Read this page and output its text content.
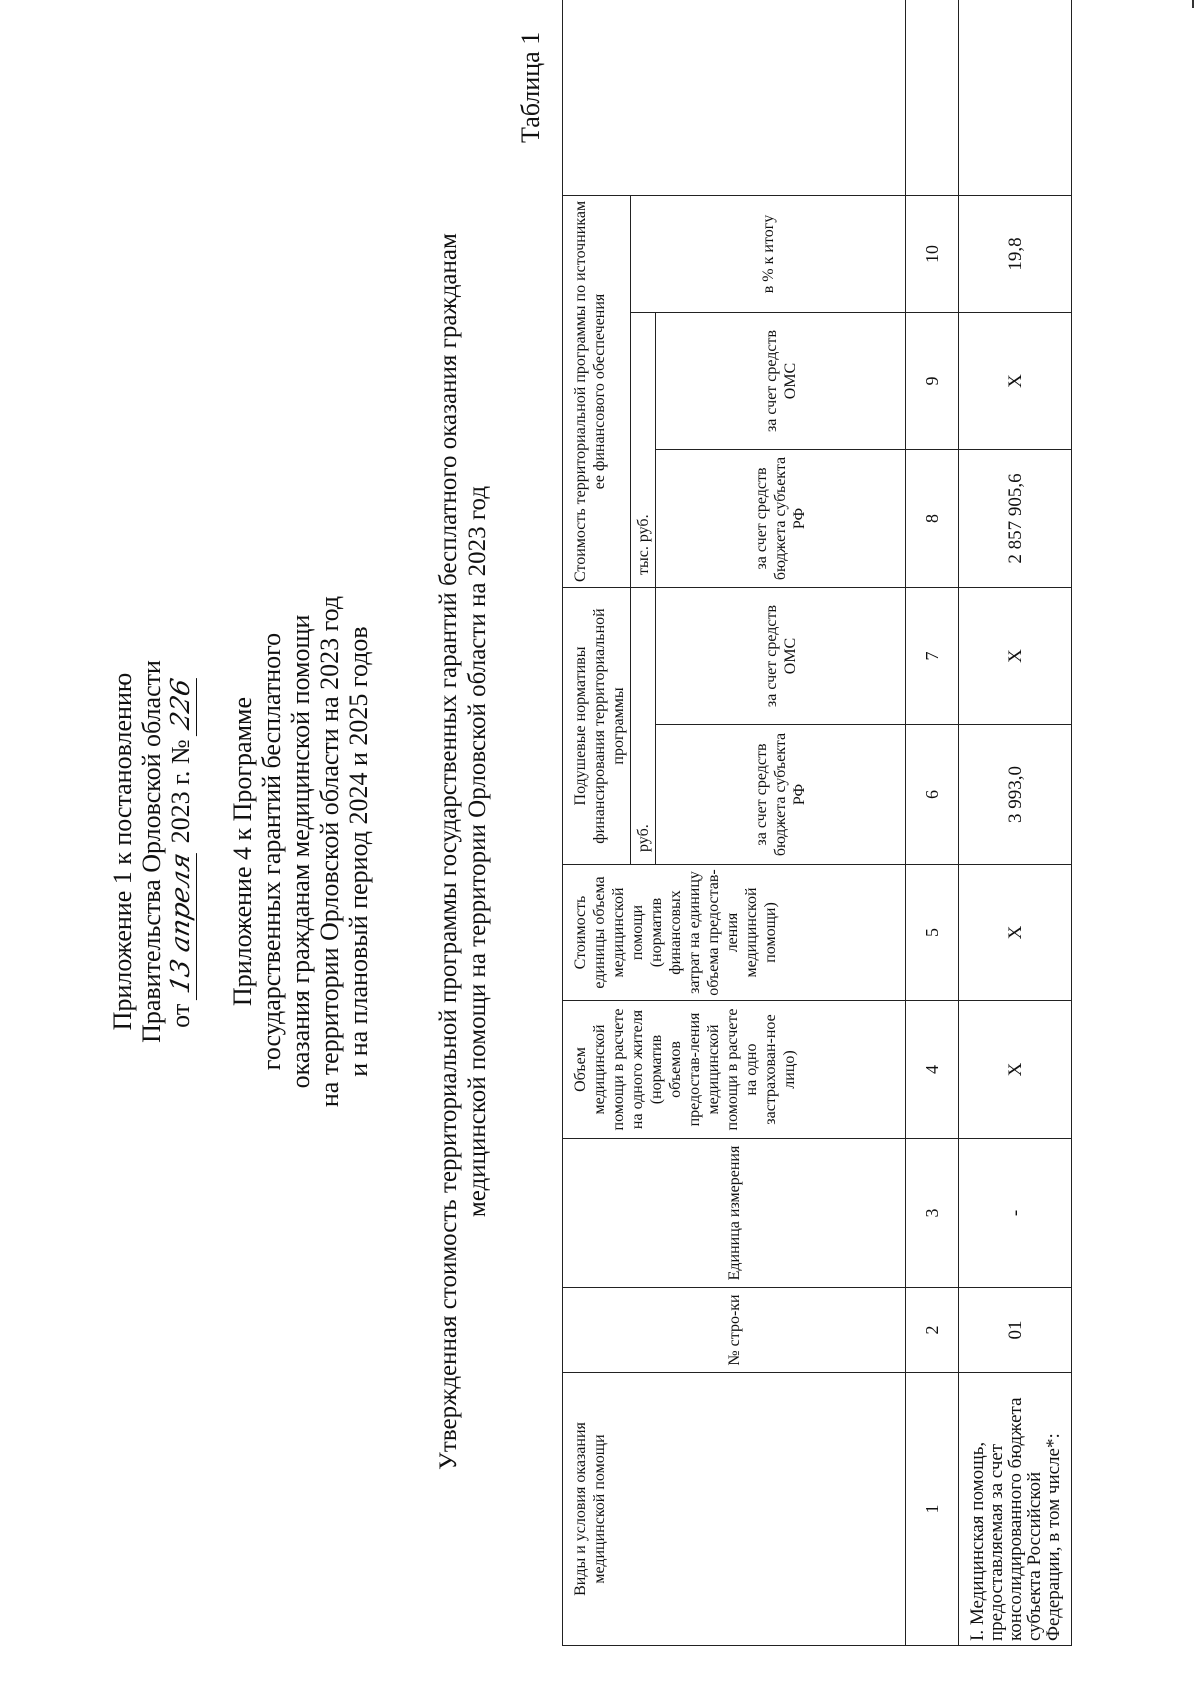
Приложение 1 к постановлению Правительства Орловской области от 13 апреля 2023 г. № 226 Приложение 4 к Программе государственных гарантий бесплатного оказания гражданам медицинской помощи на территории Орловской области на 2023 год и на плановый период 2024 и 2025 годов Утвержденная стоимость территориальной программы государственных гарантий бесплатного оказания гражданам медицинской помощи на территории Орловской области на 2023 год
Таблица 1
Виды и условия оказания медицинской помощи	№ стро-ки	Единица измерения	Объем медицинской помощи в расчете на одного жителя (норматив объемов предостав-ления медицинской помощи в расчете на одно застрахован-ное лицо)	Стоимость единицы объема медицинской помощи (норматив финансовых затрат на единицу объема предостав-ления медицинской помощи)	Подушевые нормативы финансирования территориальной программы		Стоимость территориальной программы по источникам ее финансового обеспечения			
					руб.		тыс. руб.		в % к итогу	
					за счет средств бюджета субъекта РФ	за счет средств ОМС	за счет средств бюджета субъекта РФ	за счет средств ОМС		
1	2	3	4	5	6	7	8	9	10	
I. Медицинская помощь, предоставляемая за счет консолидированного бюджета субъекта Российской Федерации, в том числе*:	01	-	X	X	3 993,0	X	2 857 905,6	X	19,8	
